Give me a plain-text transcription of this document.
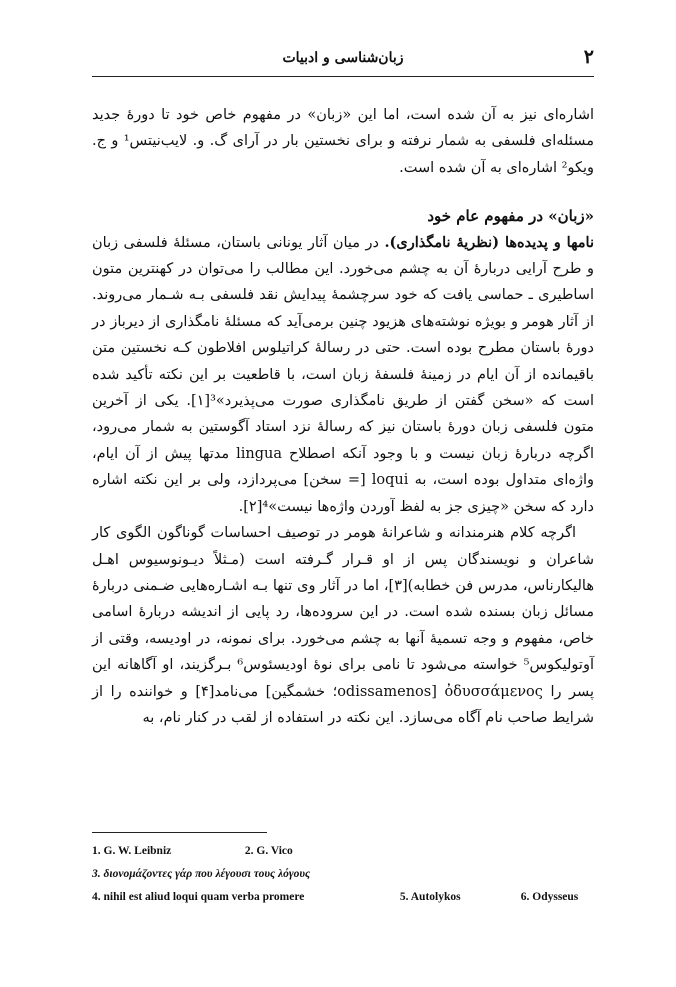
۲
زبان‌شناسی و ادبیات

اشاره‌ای نیز به آن شده است، اما این «زبان» در مفهوم خاص خود تا دورهٔ جدید مسئله‌ای فلسفی به شمار نرفته و برای نخستین بار در آرای گ. و. لایب‌نیتس¹ و ج. ویکو² اشاره‌ای به آن شده است.

«زبان» در مفهوم عام خود

نامها و پدیده‌ها (نظریهٔ نامگذاری). در میان آثار یونانی باستان، مسئلهٔ فلسفی زبان و طرح آرایی دربارهٔ آن به چشم می‌خورد. این مطالب را می‌توان در کهنترین متون اساطیری ـ حماسی یافت که خود سرچشمهٔ پیدایش نقد فلسفی بـه شـمار می‌روند. از آثار هومر و بویژه نوشته‌های هزیود چنین برمی‌آید که مسئلهٔ نامگذاری از دیرباز در دورهٔ باستان مطرح بوده است. حتی در رسالهٔ کراتیلوس افلاطون کـه نخستین متن باقیمانده از آن ایام در زمینهٔ فلسفهٔ زبان است، با قاطعیت بر این نکته تأکید شده است که «سخن گفتن از طریق نامگذاری صورت می‌پذیرد»³[۱]. یکی از آخرین متون فلسفی زبان دورهٔ باستان نیز که رسالهٔ نزد استاد آگوستین به شمار می‌رود، اگرچه دربارهٔ زبان نیست و با وجود آنکه اصطلاح lingua مدتها پیش از آن ایام، واژه‌ای متداول بوده است، به loqui [= سخن] می‌پردازد، ولی بر این نکته اشاره دارد که سخن «چیزی جز به لفظ آوردن واژه‌ها نیست»⁴[۲].

اگرچه کلام هنرمندانه و شاعرانهٔ هومر در توصیف احساسات گوناگون الگوی کار شاعران و نویسندگان پس از او قـرار گـرفته است (مـثلاً دیـونوسیوس اهـل هالیکارناس، مدرس فن خطابه)[۳]، اما در آثار وی تنها بـه اشـاره‌هایی ضـمنی دربارهٔ مسائل زبان بسنده شده است. در این سروده‌ها، رد پایی از اندیشه دربارهٔ اسامی خاص، مفهوم و وجه تسمیهٔ آنها به چشم می‌خورد. برای نمونه، در اودیسه، وقتی از آوتولیکوس⁵ خواسته می‌شود تا نامی برای نوهٔ اودیسئوس⁶ بـرگزیند، او آگاهانه این پسر را ὀδυσσάμενος [odissamenos؛ خشمگین] می‌نامد[۴] و خواننده را از شرایط صاحب نام آگاه می‌سازد. این نکته در استفاده از لقب در کنار نام، به

1. G. W. Leibniz	2. G. Vico
3. διονομάζοντες γάρ που λέγουσι τους λόγους
4. nihil est aliud loqui quam verba promere	5. Autolykos	6. Odysseus
